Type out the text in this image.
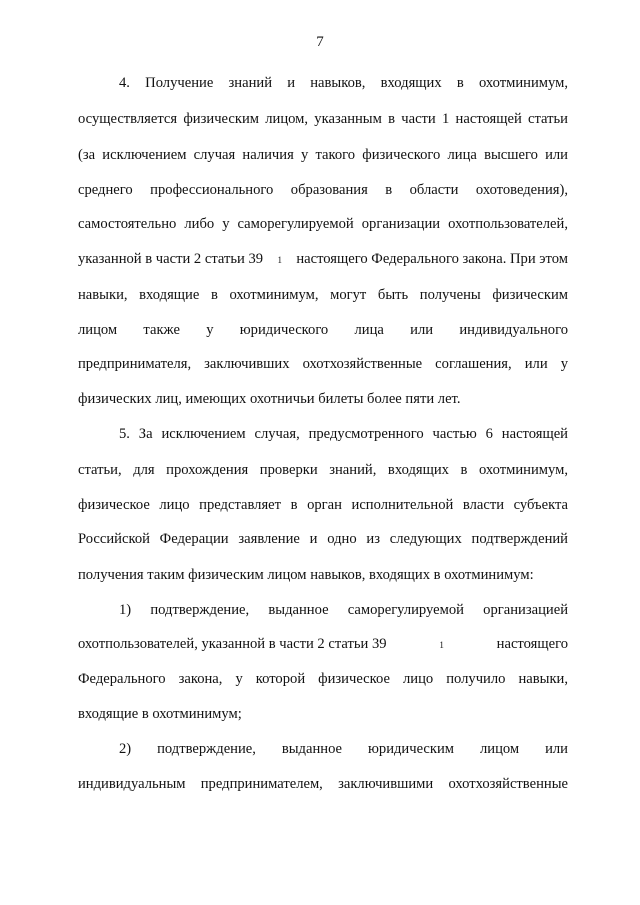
7
4. Получение знаний и навыков, входящих в охотминимум,
осуществляется физическим лицом, указанным в части 1 настоящей статьи
(за исключением случая наличия у такого физического лица высшего или
среднего профессионального образования в области охотоведения),
самостоятельно либо у саморегулируемой организации охотпользователей,
указанной в части 2 статьи 39 1 настоящего Федерального закона. При этом
навыки, входящие в охотминимум, могут быть получены физическим
лицом также у юридического лица или индивидуального
предпринимателя, заключивших охотхозяйственные соглашения, или у
физических лиц, имеющих охотничьи билеты более пяти лет.
5. За исключением случая, предусмотренного частью 6 настоящей
статьи, для прохождения проверки знаний, входящих в охотминимум,
физическое лицо представляет в орган исполнительной власти субъекта
Российской Федерации заявление и одно из следующих подтверждений
получения таким физическим лицом навыков, входящих в охотминимум:
1) подтверждение, выданное саморегулируемой организацией
охотпользователей, указанной в части 2 статьи 39	1	настоящего
Федерального закона, у которой физическое лицо получило навыки,
входящие в охотминимум;
2) подтверждение, выданное юридическим лицом или
индивидуальным предпринимателем, заключившими охотхозяйственные
